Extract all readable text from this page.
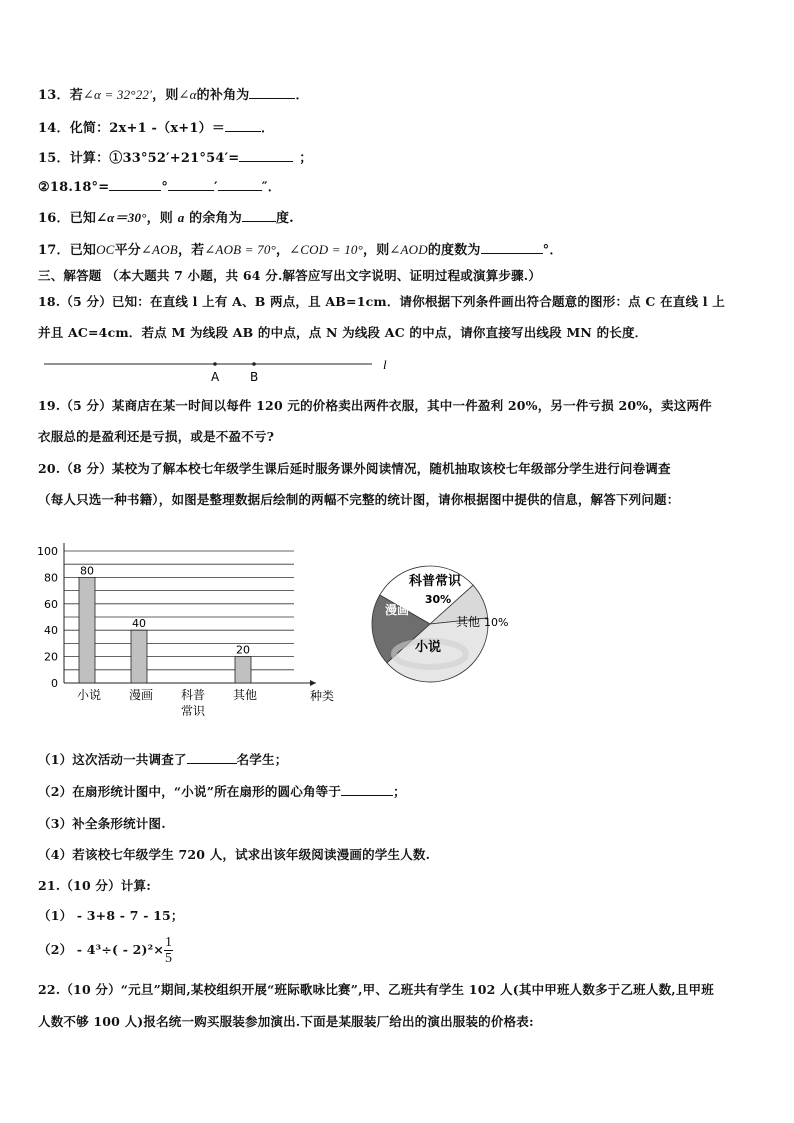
13．若∠α = 32°22′，则∠α的补角为	．
14．化简：2x+1 -（x+1）＝	．
15．计算：①33°52′+21°54′=	；
②18.18°=	°	′	″．
16．已知∠α＝30°，则 a 的余角为	度.
17．已知OC平分∠AOB，若∠AOB = 70°，∠COD = 10°，则∠AOD的度数为	°．
三、解答题 （本大题共 7 小题，共 64 分.解答应写出文字说明、证明过程或演算步骤.）
18.（5 分）已知：在直线 l 上有 A、B 两点，且 AB=1cm．请你根据下列条件画出符合题意的图形：点 C 在直线 l 上
并且 AC=4cm．若点 M 为线段 AB 的中点，点 N 为线段 AC 的中点，请你直接写出线段 MN 的长度．
A	B
l
19.（5 分）某商店在某一时间以每件 120 元的价格卖出两件衣服，其中一件盈利 20%，另一件亏损 20%，卖这两件
衣服总的是盈利还是亏损，或是不盈不亏?
20.（8 分）某校为了解本校七年级学生课后延时服务课外阅读情况，随机抽取该校七年级部分学生进行问卷调查
（每人只选一种书籍），如图是整理数据后绘制的两幅不完整的统计图，请你根据图中提供的信息，解答下列问题：
0
20
40
60
80
100
80
小说
40
漫画 科普
常识
20
其他	种类
科普常识
30%
其他 10%
小说
漫画
（1）这次活动一共调查了	名学生；
（2）在扇形统计图中，“小说”所在扇形的圆心角等于	；
（3）补全条形统计图.
（4）若该校七年级学生 720 人，试求出该年级阅读漫画的学生人数.
21.（10 分）计算:
（1） - 3+8 - 7 - 15；
$(2) - 4^3\div( - 2)^2\times \frac{1}{5}$
22.（10 分）“元旦”期间,某校组织开展“班际歌咏比赛”,甲、乙班共有学生 102 人(其中甲班人数多于乙班人数,且甲班
人数不够 100 人)报名统一购买服装参加演出.下面是某服装厂给出的演出服装的价格表:
